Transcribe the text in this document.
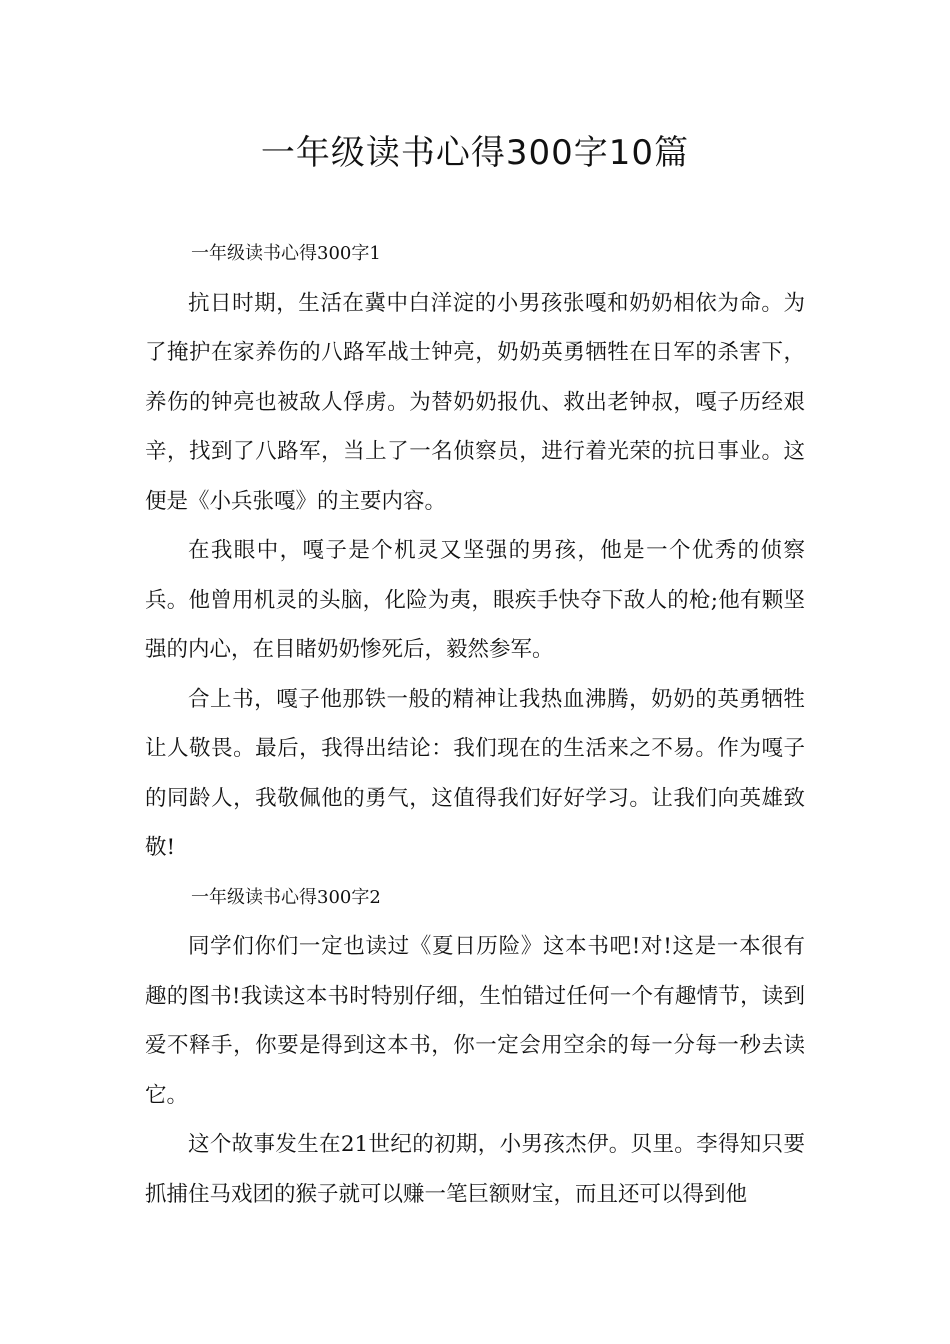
一年级读书心得300字10篇

一年级读书心得300字1

抗日时期，生活在冀中白洋淀的小男孩张嘎和奶奶相依为命。为了掩护在家养伤的八路军战士钟亮，奶奶英勇牺牲在日军的杀害下，养伤的钟亮也被敌人俘虏。为替奶奶报仇、救出老钟叔，嘎子历经艰辛，找到了八路军，当上了一名侦察员，进行着光荣的抗日事业。这便是《小兵张嘎》的主要内容。

在我眼中，嘎子是个机灵又坚强的男孩，他是一个优秀的侦察兵。他曾用机灵的头脑，化险为夷，眼疾手快夺下敌人的枪;他有颗坚强的内心，在目睹奶奶惨死后，毅然参军。

合上书，嘎子他那铁一般的精神让我热血沸腾，奶奶的英勇牺牲让人敬畏。最后，我得出结论：我们现在的生活来之不易。作为嘎子的同龄人，我敬佩他的勇气，这值得我们好好学习。让我们向英雄致敬!

一年级读书心得300字2

同学们你们一定也读过《夏日历险》这本书吧!对!这是一本很有趣的图书!我读这本书时特别仔细，生怕错过任何一个有趣情节，读到爱不释手，你要是得到这本书，你一定会用空余的每一分每一秒去读它。

这个故事发生在21世纪的初期，小男孩杰伊。贝里。李得知只要抓捕住马戏团的猴子就可以赚一笔巨额财宝，而且还可以得到他
